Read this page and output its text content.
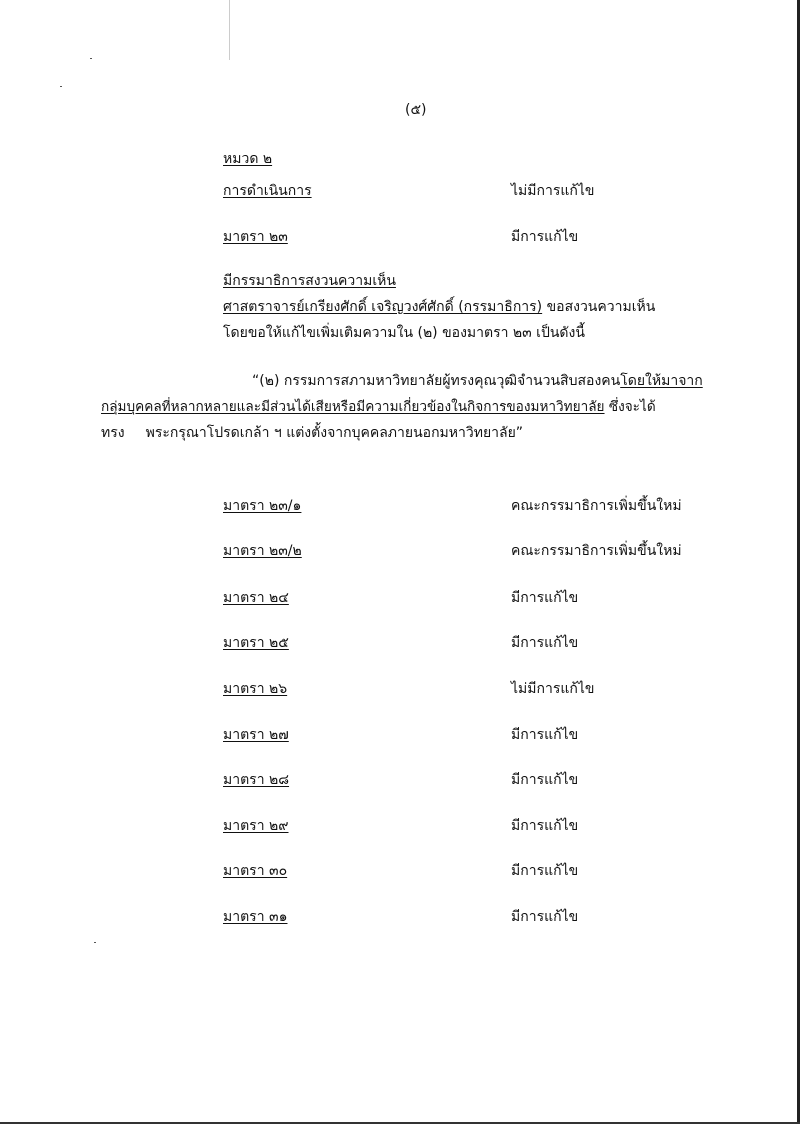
(๕)
หมวด ๒
การดำเนินการ	ไม่มีการแก้ไข
มาตรา ๒๓	มีการแก้ไข
มีกรรมาธิการสงวนความเห็น
ศาสตราจารย์เกรียงศักดิ์ เจริญวงศ์ศักดิ์ (กรรมาธิการ) ขอสงวนความเห็น
โดยขอให้แก้ไขเพิ่มเติมความใน (๒) ของมาตรา ๒๓ เป็นดังนี้
“(๒) กรรมการสภามหาวิทยาลัยผู้ทรงคุณวุฒิจำนวนสิบสองคนโดยให้มาจาก
กลุ่มบุคคลที่หลากหลายและมีส่วนได้เสียหรือมีความเกี่ยวข้องในกิจการของมหาวิทยาลัย ซึ่งจะได้
ทรง พระกรุณาโปรดเกล้า ฯ แต่งตั้งจากบุคคลภายนอกมหาวิทยาลัย”
มาตรา ๒๓/๑	คณะกรรมาธิการเพิ่มขึ้นใหม่
มาตรา ๒๓/๒	คณะกรรมาธิการเพิ่มขึ้นใหม่
มาตรา ๒๔	มีการแก้ไข
มาตรา ๒๕	มีการแก้ไข
มาตรา ๒๖	ไม่มีการแก้ไข
มาตรา ๒๗	มีการแก้ไข
มาตรา ๒๘	มีการแก้ไข
มาตรา ๒๙	มีการแก้ไข
มาตรา ๓๐	มีการแก้ไข
มาตรา ๓๑	มีการแก้ไข
